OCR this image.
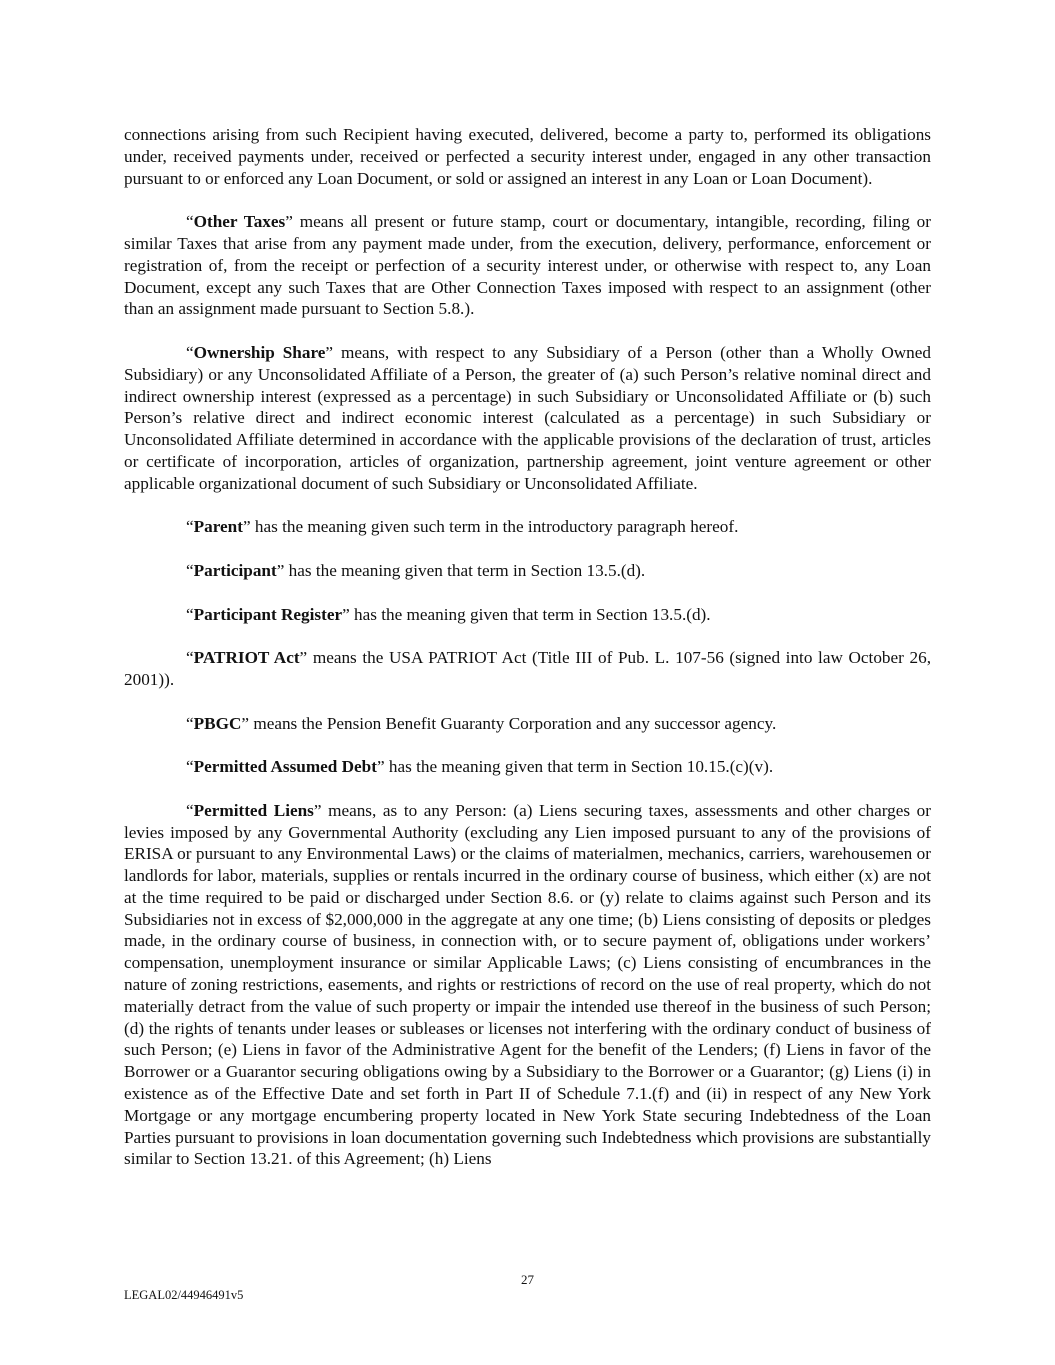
connections arising from such Recipient having executed, delivered, become a party to, performed its obligations under, received payments under, received or perfected a security interest under, engaged in any other transaction pursuant to or enforced any Loan Document, or sold or assigned an interest in any Loan or Loan Document).

“Other Taxes” means all present or future stamp, court or documentary, intangible, recording, filing or similar Taxes that arise from any payment made under, from the execution, delivery, performance, enforcement or registration of, from the receipt or perfection of a security interest under, or otherwise with respect to, any Loan Document, except any such Taxes that are Other Connection Taxes imposed with respect to an assignment (other than an assignment made pursuant to Section 5.8.).

“Ownership Share” means, with respect to any Subsidiary of a Person (other than a Wholly Owned Subsidiary) or any Unconsolidated Affiliate of a Person, the greater of (a) such Person’s relative nominal direct and indirect ownership interest (expressed as a percentage) in such Subsidiary or Unconsolidated Affiliate or (b) such Person’s relative direct and indirect economic interest (calculated as a percentage) in such Subsidiary or Unconsolidated Affiliate determined in accordance with the applicable provisions of the declaration of trust, articles or certificate of incorporation, articles of organization, partnership agreement, joint venture agreement or other applicable organizational document of such Subsidiary or Unconsolidated Affiliate.

“Parent” has the meaning given such term in the introductory paragraph hereof.

“Participant” has the meaning given that term in Section 13.5.(d).

“Participant Register” has the meaning given that term in Section 13.5.(d).

“PATRIOT Act” means the USA PATRIOT Act (Title III of Pub. L. 107-56 (signed into law October 26, 2001)).

“PBGC” means the Pension Benefit Guaranty Corporation and any successor agency.

“Permitted Assumed Debt” has the meaning given that term in Section 10.15.(c)(v).

“Permitted Liens” means, as to any Person: (a) Liens securing taxes, assessments and other charges or levies imposed by any Governmental Authority (excluding any Lien imposed pursuant to any of the provisions of ERISA or pursuant to any Environmental Laws) or the claims of materialmen, mechanics, carriers, warehousemen or landlords for labor, materials, supplies or rentals incurred in the ordinary course of business, which either (x) are not at the time required to be paid or discharged under Section 8.6. or (y) relate to claims against such Person and its Subsidiaries not in excess of $2,000,000 in the aggregate at any one time; (b) Liens consisting of deposits or pledges made, in the ordinary course of business, in connection with, or to secure payment of, obligations under workers’ compensation, unemployment insurance or similar Applicable Laws; (c) Liens consisting of encumbrances in the nature of zoning restrictions, easements, and rights or restrictions of record on the use of real property, which do not materially detract from the value of such property or impair the intended use thereof in the business of such Person; (d) the rights of tenants under leases or subleases or licenses not interfering with the ordinary conduct of business of such Person; (e) Liens in favor of the Administrative Agent for the benefit of the Lenders; (f) Liens in favor of the Borrower or a Guarantor securing obligations owing by a Subsidiary to the Borrower or a Guarantor; (g) Liens (i) in existence as of the Effective Date and set forth in Part II of Schedule 7.1.(f) and (ii) in respect of any New York Mortgage or any mortgage encumbering property located in New York State securing Indebtedness of the Loan Parties pursuant to provisions in loan documentation governing such Indebtedness which provisions are substantially similar to Section 13.21. of this Agreement; (h) Liens

27
LEGAL02/44946491v5
